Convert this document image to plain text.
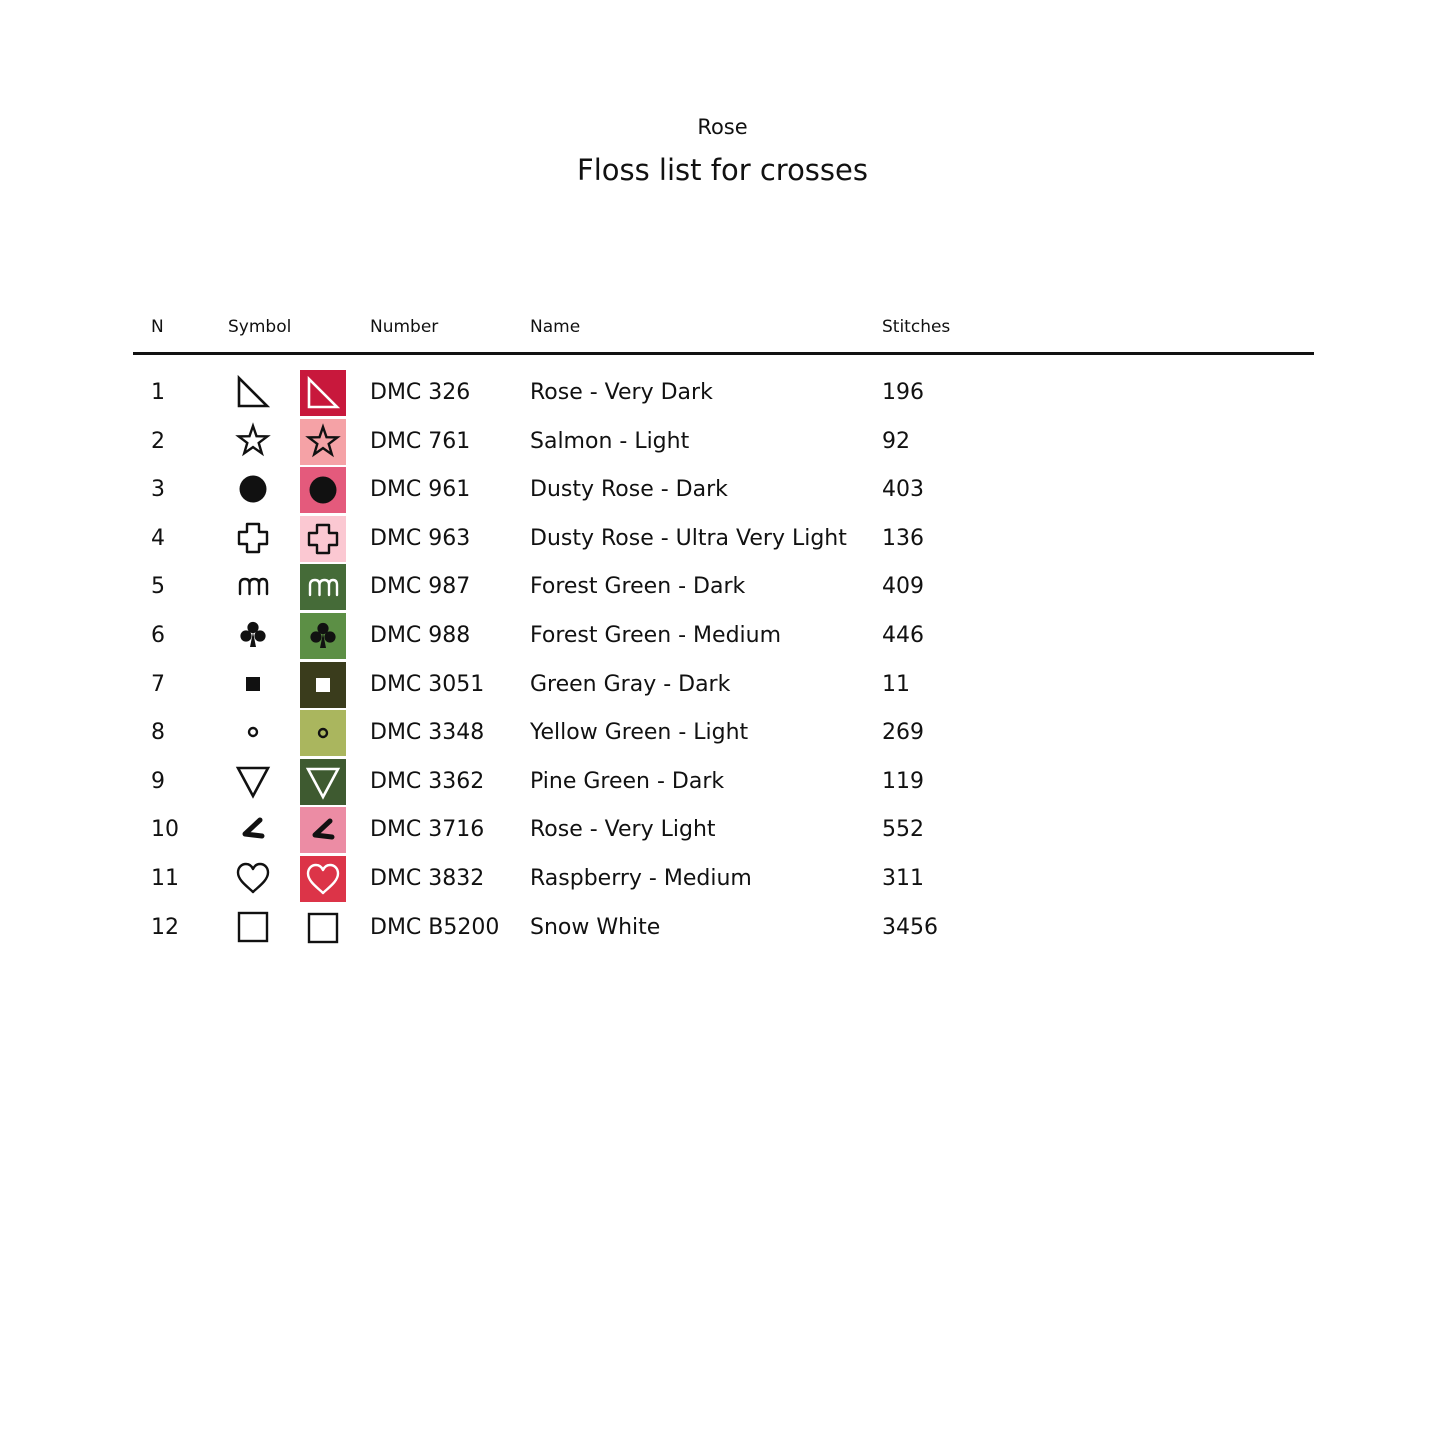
Rose
Floss list for crosses
N	Symbol	Number	Name	Stitches
1	DMC 326	Rose - Very Dark	196
2	DMC 761	Salmon - Light	92
3	DMC 961	Dusty Rose - Dark	403
4	DMC 963	Dusty Rose - Ultra Very Light 136
5	DMC 987	Forest Green - Dark	409
6	DMC 988	Forest Green - Medium	446
7	DMC 3051 Green Gray - Dark	11
8	DMC 3348 Yellow Green - Light	269
9	DMC 3362 Pine Green - Dark	119
10	DMC 3716 Rose - Very Light	552
11	DMC 3832 Raspberry - Medium	311
12	DMC B5200 Snow White	3456
